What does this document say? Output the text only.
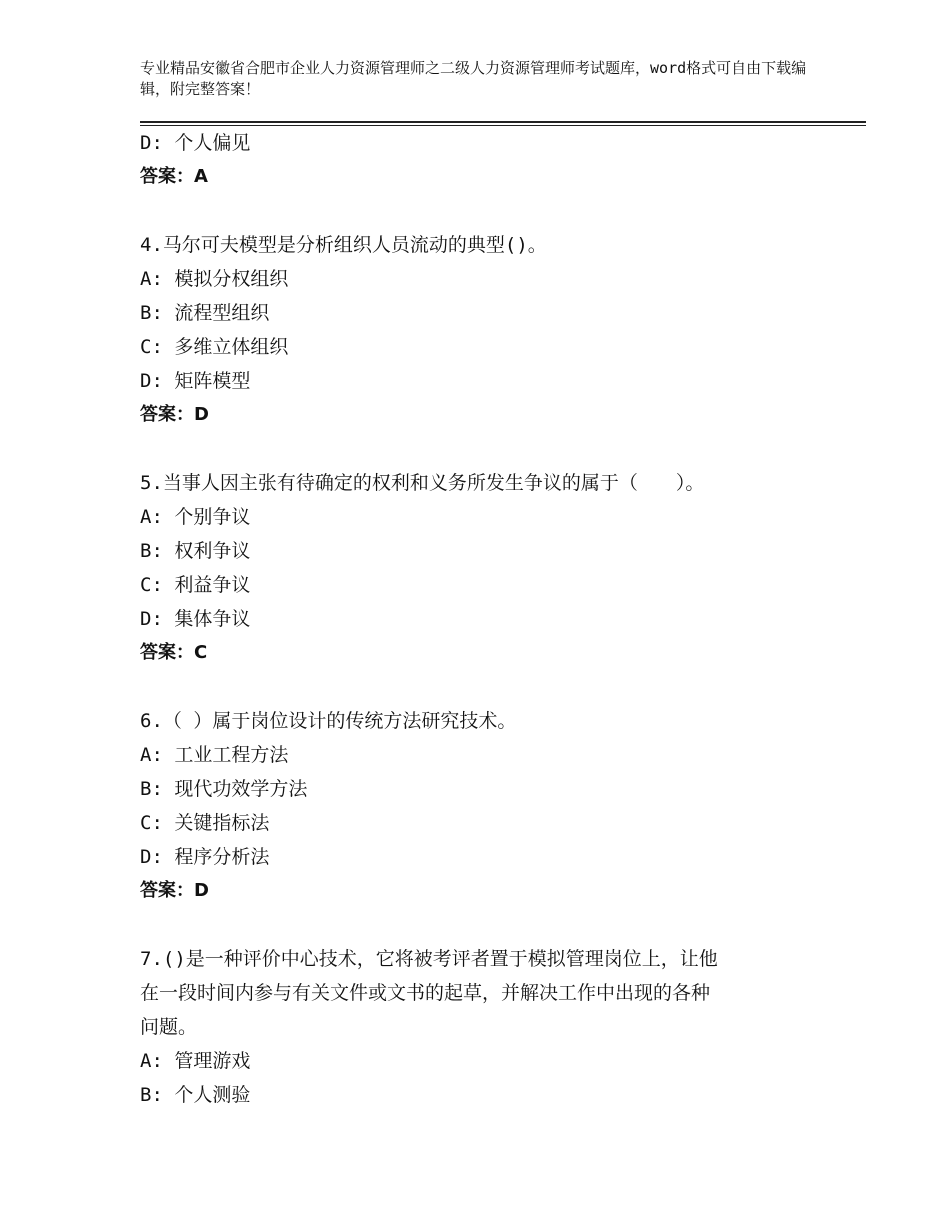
专业精品安徽省合肥市企业人力资源管理师之二级人力资源管理师考试题库，word格式可自由下载编辑，附完整答案！
D: 个人偏见
答案：A
4.马尔可夫模型是分析组织人员流动的典型()。
A: 模拟分权组织
B: 流程型组织
C: 多维立体组织
D: 矩阵模型
答案：D
5.当事人因主张有待确定的权利和义务所发生争议的属于（　　）。
A: 个别争议
B: 权利争议
C: 利益争议
D: 集体争议
答案：C
6.（ ）属于岗位设计的传统方法研究技术。
A: 工业工程方法
B: 现代功效学方法
C: 关键指标法
D: 程序分析法
答案：D
7.()是一种评价中心技术，它将被考评者置于模拟管理岗位上，让他
在一段时间内参与有关文件或文书的起草，并解决工作中出现的各种
问题。
A: 管理游戏
B: 个人测验
